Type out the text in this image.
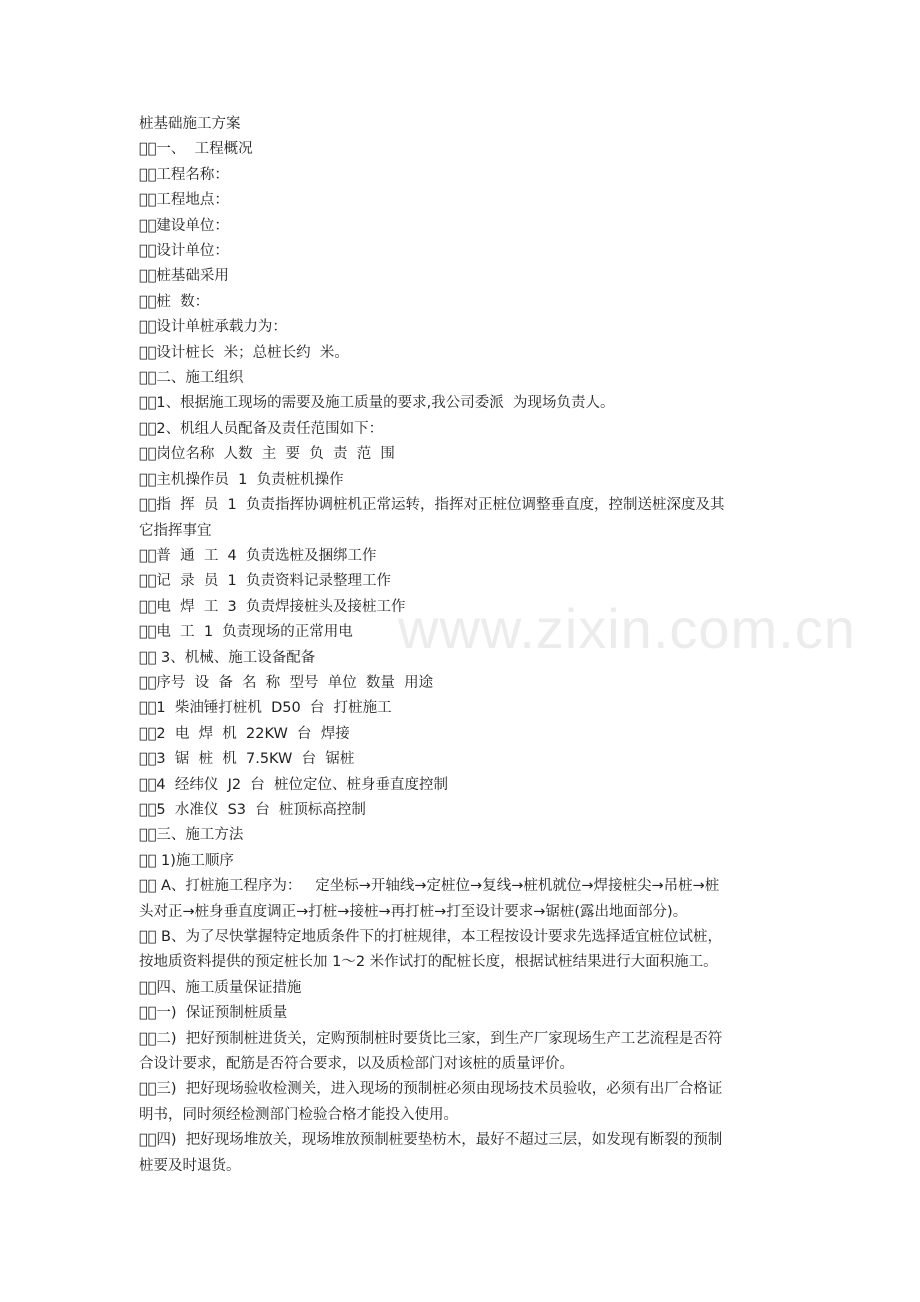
桩基础施工方案

  一、  工程概况

  工程名称：

  工程地点：

  建设单位：

  设计单位：

  桩基础采用

  桩  数：

  设计单桩承载力为：

  设计桩长  米；总桩长约  米。

  二、施工组织

  1、根据施工现场的需要及施工质量的要求,我公司委派  为现场负责人。

  2、机组人员配备及责任范围如下：

  岗位名称  人数  主  要  负  责  范  围

  主机操作员  1  负责桩机操作

  指  挥  员  1  负责指挥协调桩机正常运转，指挥对正桩位调整垂直度，控制送桩深度及其

它指挥事宜

  普  通  工  4  负责选桩及捆绑工作

  记  录  员  1  负责资料记录整理工作

  电  焊  工  3  负责焊接桩头及接桩工作

  电  工  1  负责现场的正常用电

   3、机械、施工设备配备

  序号  设  备  名  称  型号  单位  数量  用途

  1  柴油锤打桩机  D50  台  打桩施工

  2  电  焊  机  22KW  台  焊接

  3  锯  桩  机  7.5KW  台  锯桩

  4  经纬仪  J2  台  桩位定位、桩身垂直度控制

  5  水准仪  S3  台  桩顶标高控制

  三、施工方法

   1)施工顺序

   A、打桩施工程序为：   定坐标→开轴线→定桩位→复线→桩机就位→焊接桩尖→吊桩→桩

头对正→桩身垂直度调正→打桩→接桩→再打桩→打至设计要求→锯桩(露出地面部分)。

   B、为了尽快掌握特定地质条件下的打桩规律，本工程按设计要求先选择适宜桩位试桩，

按地质资料提供的预定桩长加 1～2 米作试打的配桩长度，根据试桩结果进行大面积施工。

  四、施工质量保证措施

  一)  保证预制桩质量

  二)  把好预制桩进货关，定购预制桩时要货比三家，到生产厂家现场生产工艺流程是否符

合设计要求，配筋是否符合要求，以及质检部门对该桩的质量评价。

  三)  把好现场验收检测关，进入现场的预制桩必须由现场技术员验收，必须有出厂合格证

明书，同时须经检测部门检验合格才能投入使用。

  四)  把好现场堆放关，现场堆放预制桩要垫枋木，最好不超过三层，如发现有断裂的预制

桩要及时退货。

www.zixin.com.cn
